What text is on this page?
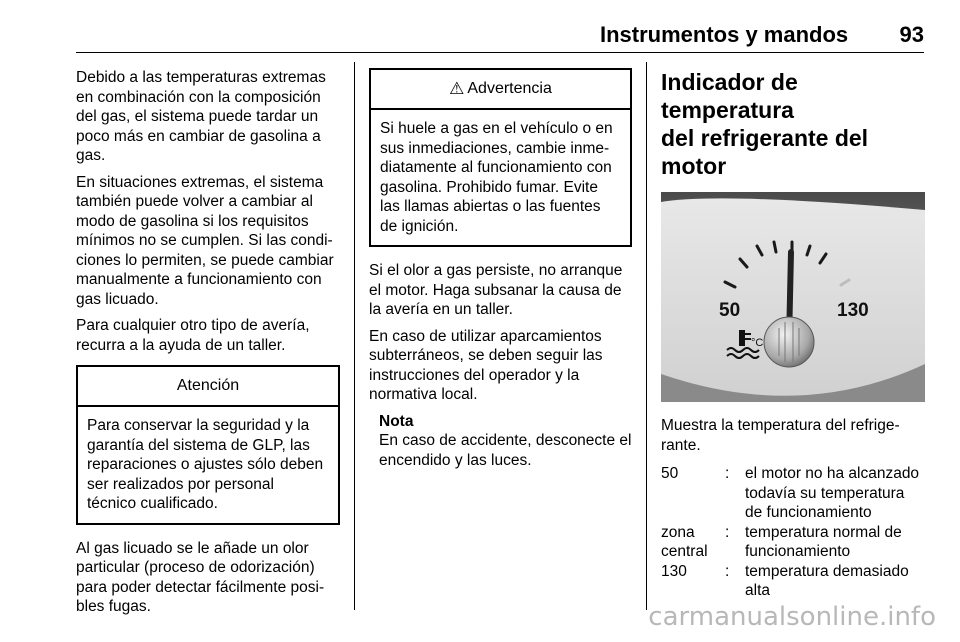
Instrumentos y mandos	93

Debido a las temperaturas extremas
en combinación con la composición
del gas, el sistema puede tardar un
poco más en cambiar de gasolina a
gas.

En situaciones extremas, el sistema
también puede volver a cambiar al
modo de gasolina si los requisitos
mínimos no se cumplen. Si las condi-
ciones lo permiten, se puede cambiar
manualmente a funcionamiento con
gas licuado.

Para cualquier otro tipo de avería,
recurra a la ayuda de un taller.

Atención
Para conservar la seguridad y la
garantía del sistema de GLP, las
reparaciones o ajustes sólo deben
ser realizados por personal
técnico cualificado.

Al gas licuado se le añade un olor
particular (proceso de odorización)
para poder detectar fácilmente posi-
bles fugas.

⚠ Advertencia
Si huele a gas en el vehículo o en
sus inmediaciones, cambie inme-
diatamente al funcionamiento con
gasolina. Prohibido fumar. Evite
las llamas abiertas o las fuentes
de ignición.

Si el olor a gas persiste, no arranque
el motor. Haga subsanar la causa de
la avería en un taller.

En caso de utilizar aparcamientos
subterráneos, se deben seguir las
instrucciones del operador y la
normativa local.

Nota
En caso de accidente, desconecte el
encendido y las luces.
Indicador de temperatura
del refrigerante del motor
50	130
°C

Muestra la temperatura del refrige-
rante.

50	:	el motor no ha alcanzado
todavía su temperatura
de funcionamiento
zona
central
:	temperatura normal de
funcionamiento
130	:	temperatura demasiado
alta
carmanualsonline.info
